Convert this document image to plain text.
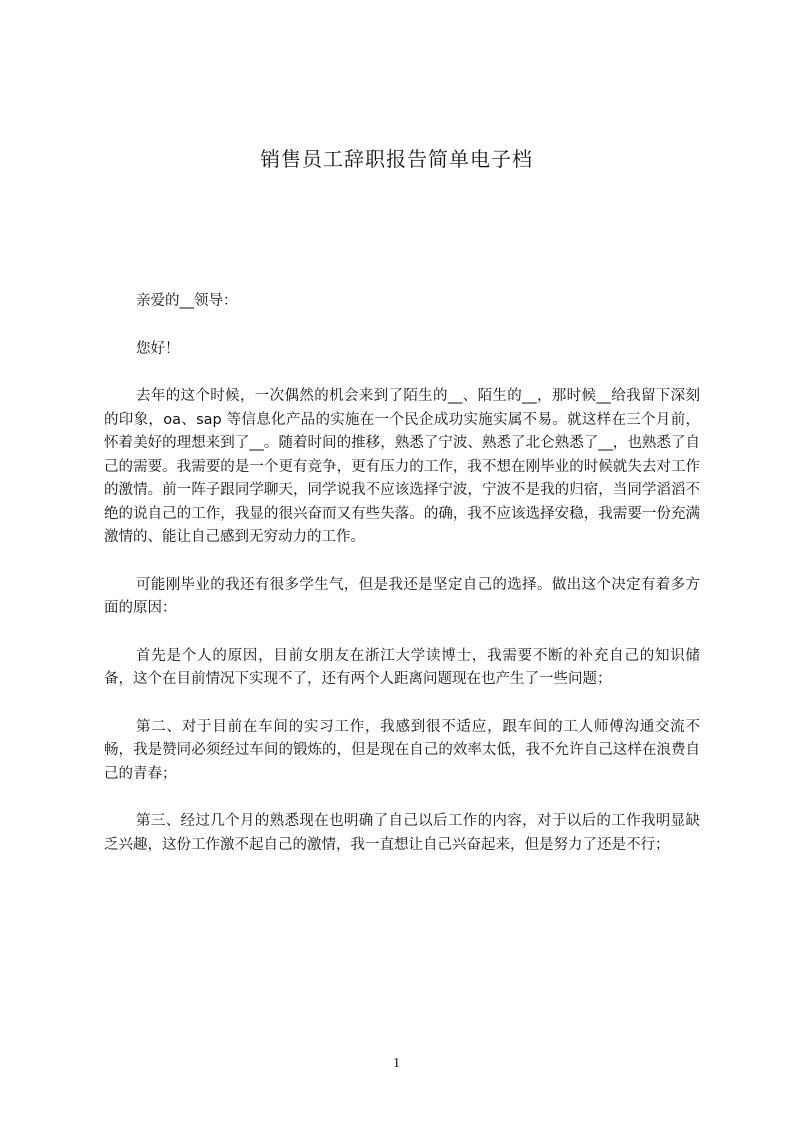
销售员工辞职报告简单电子档

亲爱的__领导：

您好！

去年的这个时候，一次偶然的机会来到了陌生的__、陌生的__，那时候__给我留下深刻的印象，oa、sap 等信息化产品的实施在一个民企成功实施实属不易。就这样在三个月前，怀着美好的理想来到了__。随着时间的推移，熟悉了宁波、熟悉了北仑熟悉了__，也熟悉了自己的需要。我需要的是一个更有竞争，更有压力的工作，我不想在刚毕业的时候就失去对工作的激情。前一阵子跟同学聊天，同学说我不应该选择宁波，宁波不是我的归宿，当同学滔滔不绝的说自己的工作，我显的很兴奋而又有些失落。的确，我不应该选择安稳，我需要一份充满激情的、能让自己感到无穷动力的工作。

可能刚毕业的我还有很多学生气，但是我还是坚定自己的选择。做出这个决定有着多方面的原因：

首先是个人的原因，目前女朋友在浙江大学读博士，我需要不断的补充自己的知识储备，这个在目前情况下实现不了，还有两个人距离问题现在也产生了一些问题；

第二、对于目前在车间的实习工作，我感到很不适应，跟车间的工人师傅沟通交流不畅，我是赞同必须经过车间的锻炼的，但是现在自己的效率太低，我不允许自己这样在浪费自己的青春；

第三、经过几个月的熟悉现在也明确了自己以后工作的内容，对于以后的工作我明显缺乏兴趣，这份工作激不起自己的激情，我一直想让自己兴奋起来，但是努力了还是不行；

1
